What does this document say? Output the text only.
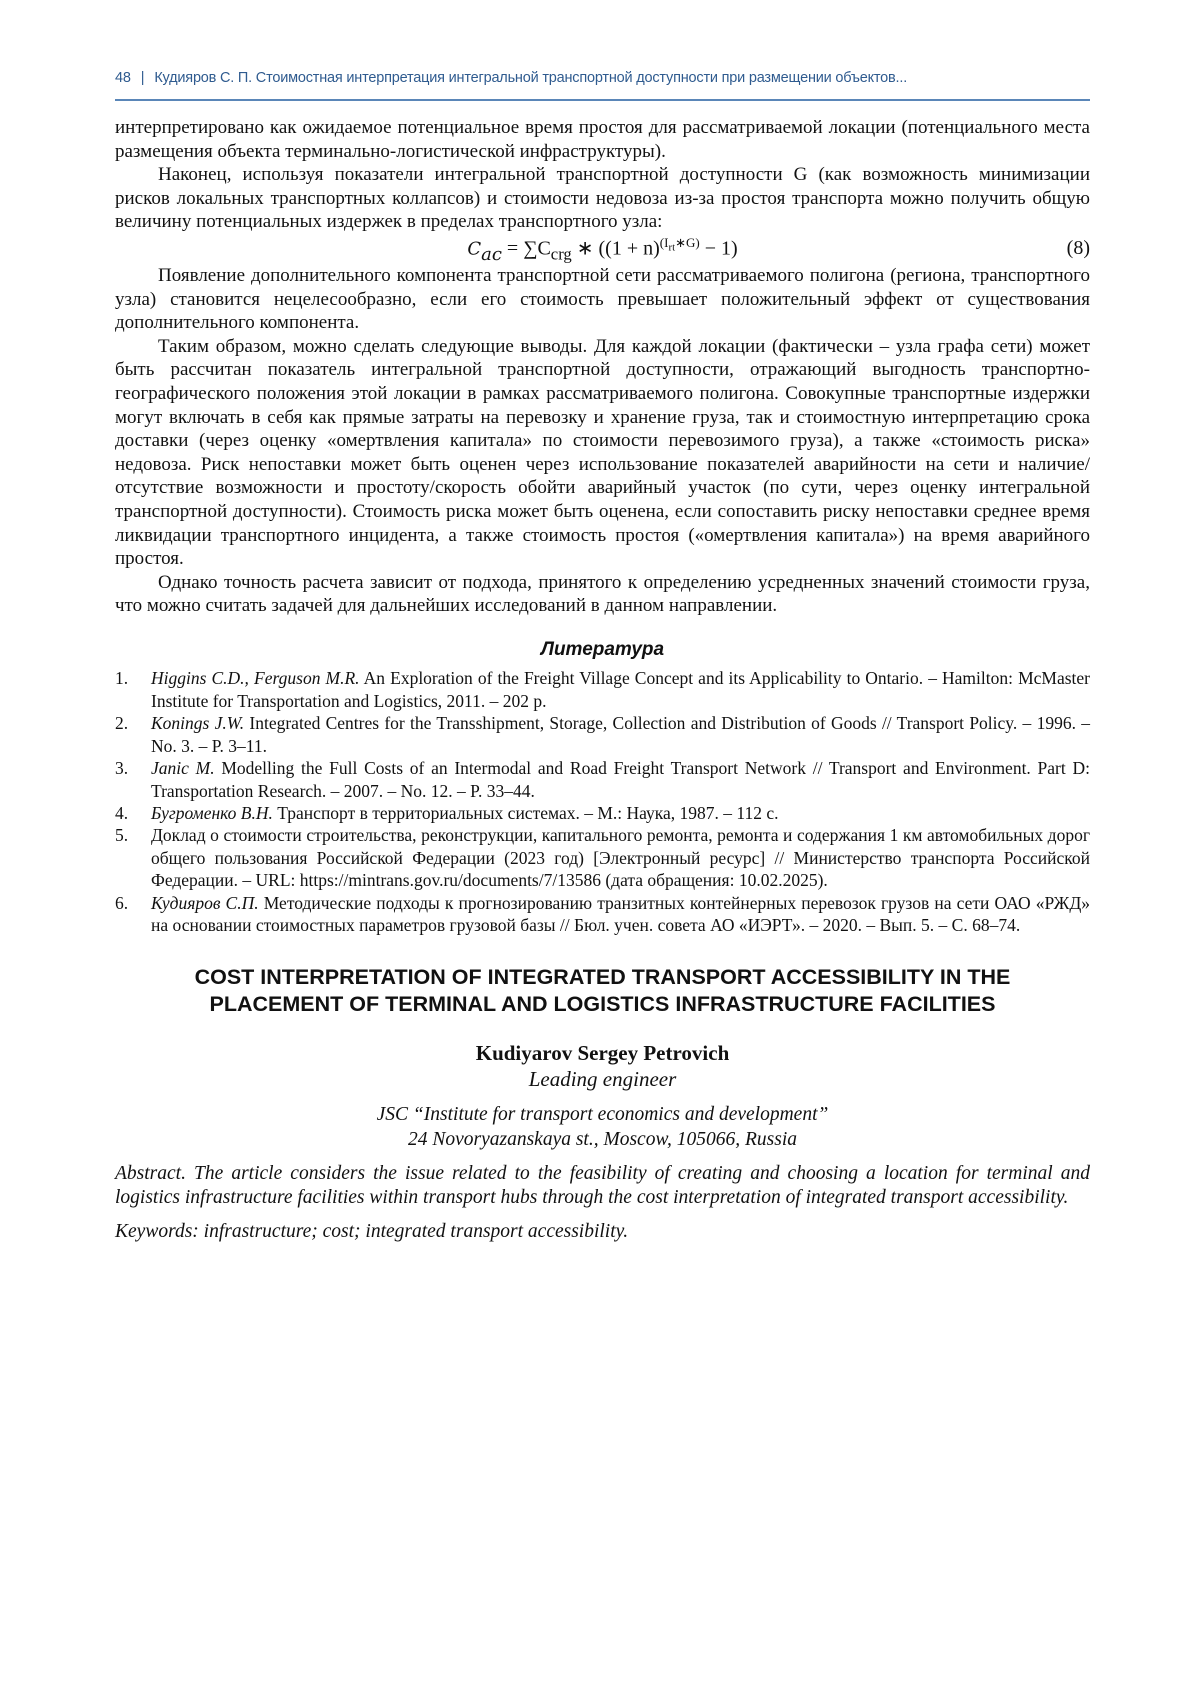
48 | Кудияров С. П. Стоимостная интерпретация интегральной транспортной доступности при размещении объектов...

интерпретировано как ожидаемое потенциальное время простоя для рассматриваемой локации (потенциального места размещения объекта терминально-логистической инфраструктуры).

Наконец, используя показатели интегральной транспортной доступности G (как возможность минимизации рисков локальных транспортных коллапсов) и стоимости недовоза из-за простоя транспорта можно получить общую величину потенциальных издержек в пределах транспортного узла:

Cac = ∑Ccrg ∗ ((1 + n)(Irt∗G) − 1)	(8)

Появление дополнительного компонента транспортной сети рассматриваемого полигона (региона, транспортного узла) становится нецелесообразно, если его стоимость превышает положительный эффект от существования дополнительного компонента.

Таким образом, можно сделать следующие выводы. Для каждой локации (фактически – узла графа сети) может быть рассчитан показатель интегральной транспортной доступности, отражающий выгодность транспортно-географического положения этой локации в рамках рассматриваемого полигона. Совокупные транспортные издержки могут включать в себя как прямые затраты на перевозку и хранение груза, так и стоимостную интерпретацию срока доставки (через оценку «омертвления капитала» по стоимости перевозимого груза), а также «стоимость риска» недовоза. Риск непоставки может быть оценен через использование показателей аварийности на сети и наличие/отсутствие возможности и простоту/скорость обойти аварийный участок (по сути, через оценку интегральной транспортной доступности). Стоимость риска может быть оценена, если сопоставить риску непоставки среднее время ликвидации транспортного инцидента, а также стоимость простоя («омертвления капитала») на время аварийного простоя.

Однако точность расчета зависит от подхода, принятого к определению усредненных значений стоимости груза, что можно считать задачей для дальнейших исследований в данном направлении.

Литература
1.	Higgins C.D., Ferguson M.R. An Exploration of the Freight Village Concept and its Applicability to Ontario. – Hamilton: McMaster Institute for Transportation and Logistics, 2011. – 202 p.
2.	Konings J.W. Integrated Centres for the Transshipment, Storage, Collection and Distribution of Goods // Transport Policy. – 1996. – No. 3. – P. 3–11.
3.	Janic M. Modelling the Full Costs of an Intermodal and Road Freight Transport Network // Transport and Environment. Part D: Transportation Research. – 2007. – No. 12. – P. 33–44.
4.	Бугроменко В.Н. Транспорт в территориальных системах. – М.: Наука, 1987. – 112 с.
5.	Доклад о стоимости строительства, реконструкции, капитального ремонта, ремонта и содержания 1 км автомобильных дорог общего пользования Российской Федерации (2023 год) [Электронный ресурс] // Министерство транспорта Российской Федерации. – URL: https://mintrans.gov.ru/documents/7/13586 (дата обращения: 10.02.2025).
6.	Кудияров С.П. Методические подходы к прогнозированию транзитных контейнерных перевозок грузов на сети ОАО «РЖД» на основании стоимостных параметров грузовой базы // Бюл. учен. совета АО «ИЭРТ». – 2020. – Вып. 5. – С. 68–74.
COST INTERPRETATION OF INTEGRATED TRANSPORT ACCESSIBILITY IN THE
PLACEMENT OF TERMINAL AND LOGISTICS INFRASTRUCTURE FACILITIES
Kudiyarov Sergey Petrovich
Leading engineer
JSC “Institute for transport economics and development”
24 Novoryazanskaya st., Moscow, 105066, Russia

Abstract. The article considers the issue related to the feasibility of creating and choosing a location for terminal and logistics infrastructure facilities within transport hubs through the cost interpretation of integrated transport accessibility.

Keywords: infrastructure; cost; integrated transport accessibility.
